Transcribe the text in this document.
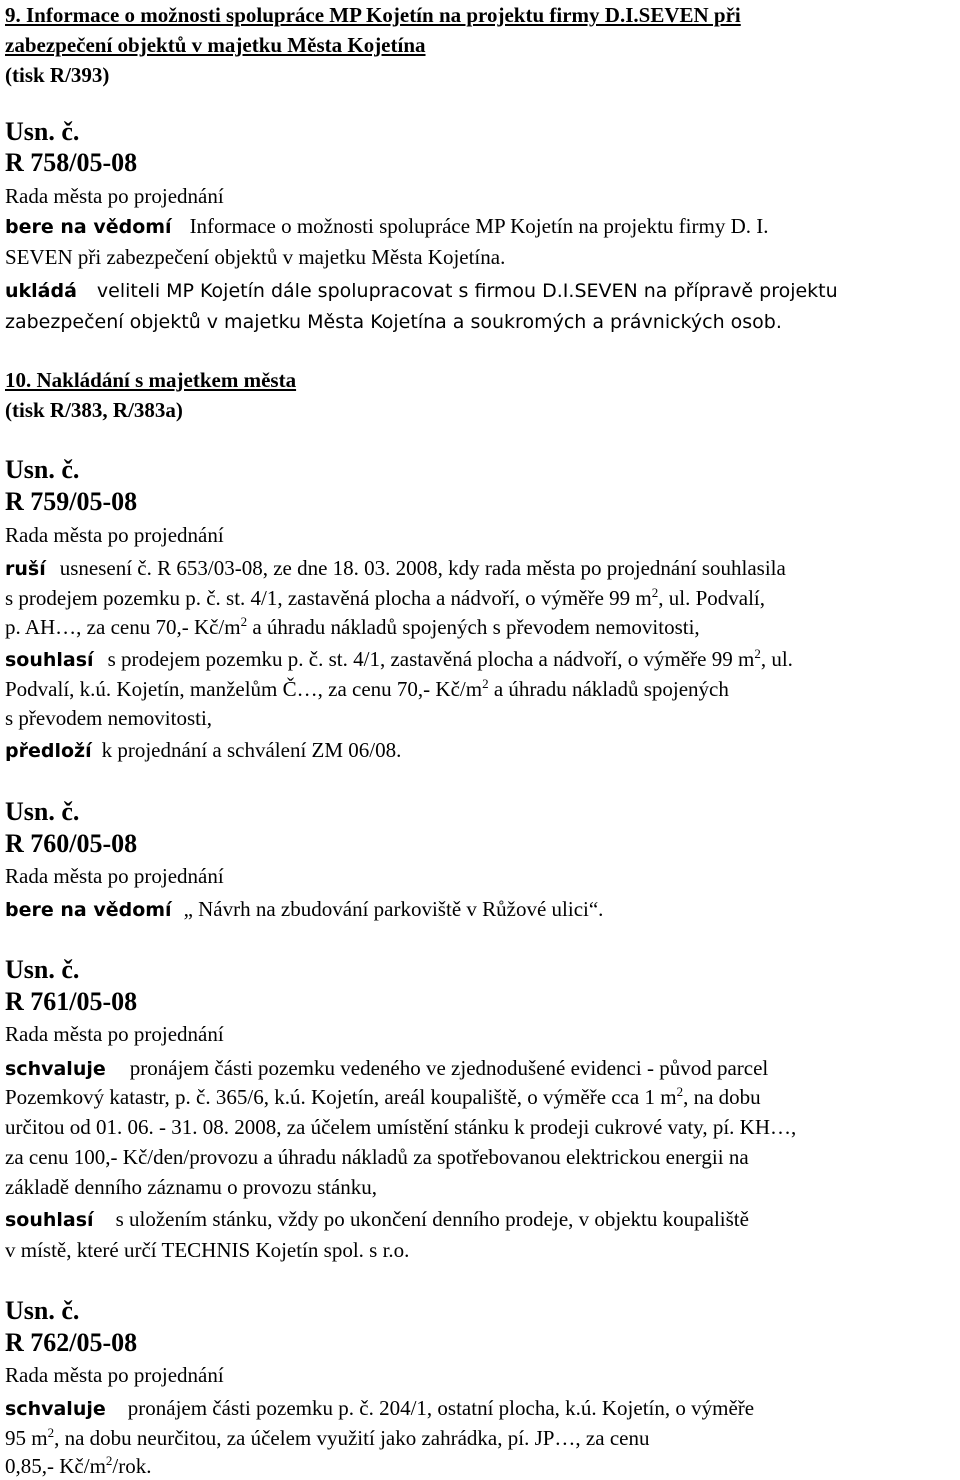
9. Informace o možnosti spolupráce MP Kojetín na projektu firmy D.I.SEVEN při
zabezpečení objektů v majetku Města Kojetína
(tisk R/393)
Usn. č.
R 758/05-08
Rada města po projednání
bere na vědomí Informace o možnosti spolupráce MP Kojetín na projektu firmy D. I.
SEVEN při zabezpečení objektů v majetku Města Kojetína.
ukládá veliteli MP Kojetín dále spolupracovat s firmou D.I.SEVEN na přípravě projektu
zabezpečení objektů v majetku Města Kojetína a soukromých a právnických osob.
10. Nakládání s majetkem města
(tisk R/383, R/383a)
Usn. č.
R 759/05-08
Rada města po projednání
ruší usnesení č. R 653/03-08, ze dne 18. 03. 2008, kdy rada města po projednání souhlasila
s prodejem pozemku p. č. st. 4/1, zastavěná plocha a nádvoří, o výměře 99 $m^2$, ul. Podvalí,
p. AH…, za cenu 70,- $Kč/m^2$ a úhradu nákladů spojených s převodem nemovitosti,
souhlasí s prodejem pozemku p. č. st. 4/1, zastavěná plocha a nádvoří, o výměře 99 $m^2$, ul.
Podvalí, k.ú. Kojetín, manželům Č…, za cenu 70,- $Kč/m^2$ a úhradu nákladů spojených
s převodem nemovitosti,
předloží k projednání a schválení ZM 06/08.
Usn. č.
R 760/05-08
Rada města po projednání
bere na vědomí „ Návrh na zbudování parkoviště v Růžové ulici“.
Usn. č.
R 761/05-08
Rada města po projednání
schvaluje pronájem části pozemku vedeného ve zjednodušené evidenci - původ parcel
Pozemkový katastr, p. č. 365/6, k.ú. Kojetín, areál koupaliště, o výměře cca 1 $m^2$, na dobu
určitou od 01. 06. - 31. 08. 2008, za účelem umístění stánku k prodeji cukrové vaty, pí. KH…,
za cenu 100,- Kč/den/provozu a úhradu nákladů za spotřebovanou elektrickou energii na
základě denního záznamu o provozu stánku,
souhlasí s uložením stánku, vždy po ukončení denního prodeje, v objektu koupaliště
v místě, které určí TECHNIS Kojetín spol. s r.o.
Usn. č.
R 762/05-08
Rada města po projednání
schvaluje pronájem části pozemku p. č. 204/1, ostatní plocha, k.ú. Kojetín, o výměře
95 $m^2$, na dobu neurčitou, za účelem využití jako zahrádka, pí. JP…, za cenu
0,85,- $Kč/m^2$/rok.
